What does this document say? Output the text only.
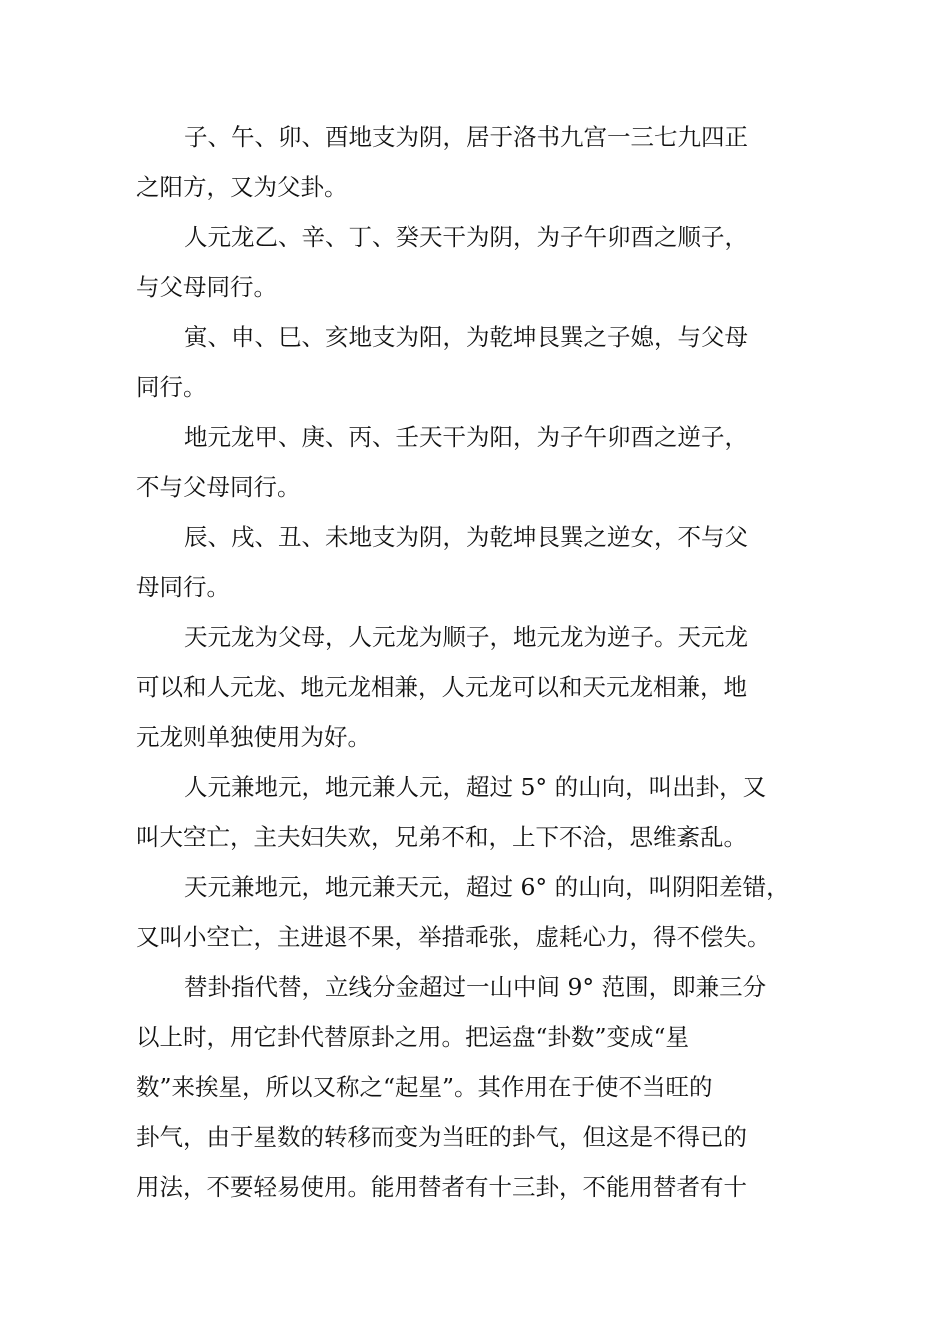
子、午、卯、酉地支为阴，居于洛书九宫一三七九四正
之阳方，又为父卦。

人元龙乙、辛、丁、癸天干为阴，为子午卯酉之顺子，
与父母同行。

寅、申、巳、亥地支为阳，为乾坤艮巽之子媳，与父母
同行。

地元龙甲、庚、丙、壬天干为阳，为子午卯酉之逆子，
不与父母同行。

辰、戌、丑、未地支为阴，为乾坤艮巽之逆女，不与父
母同行。

天元龙为父母，人元龙为顺子，地元龙为逆子。天元龙
可以和人元龙、地元龙相兼，人元龙可以和天元龙相兼，地
元龙则单独使用为好。

人元兼地元，地元兼人元，超过 5° 的山向，叫出卦，又
叫大空亡，主夫妇失欢，兄弟不和，上下不洽，思维紊乱。

天元兼地元，地元兼天元，超过 6° 的山向，叫阴阳差错，
又叫小空亡，主进退不果，举措乖张，虚耗心力，得不偿失。

替卦指代替，立线分金超过一山中间 9° 范围，即兼三分
以上时，用它卦代替原卦之用。把运盘“卦数”变成“星
数”来挨星，所以又称之“起星”。其作用在于使不当旺的
卦气，由于星数的转移而变为当旺的卦气，但这是不得已的
用法，不要轻易使用。能用替者有十三卦，不能用替者有十
